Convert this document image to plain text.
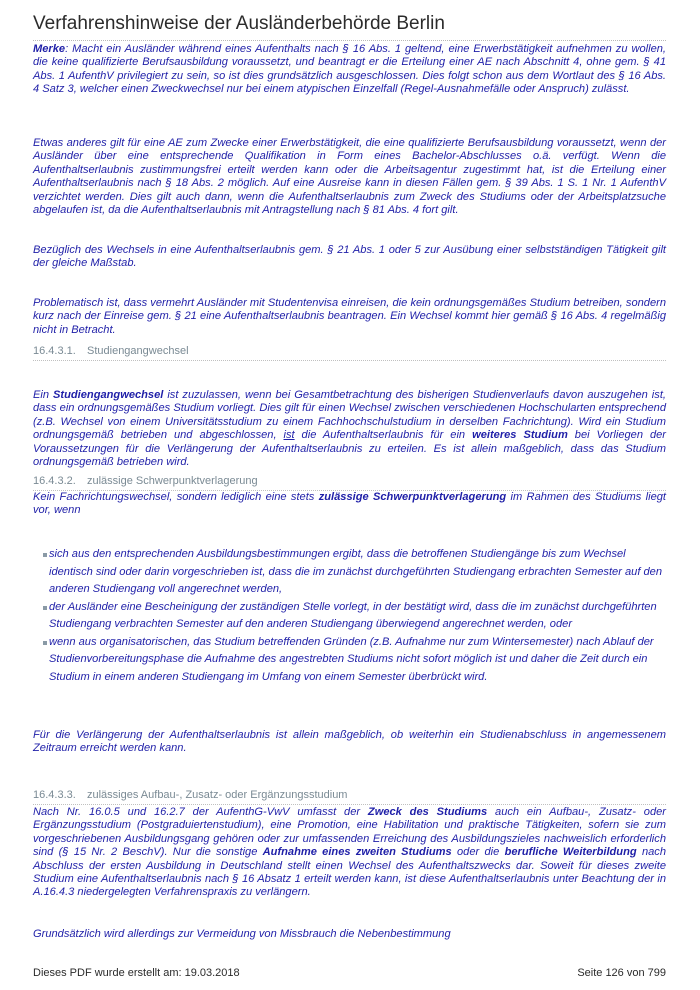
Verfahrenshinweise der Ausländerbehörde Berlin

Merke: Macht ein Ausländer während eines Aufenthalts nach § 16 Abs. 1 geltend, eine Erwerbstätigkeit aufnehmen zu wollen, die keine qualifizierte Berufsausbildung voraussetzt, und beantragt er die Erteilung einer AE nach Abschnitt 4, ohne gem. § 41 Abs. 1 AufenthV privilegiert zu sein, so ist dies grundsätzlich ausgeschlossen. Dies folgt schon aus dem Wortlaut des § 16 Abs. 4 Satz 3, welcher einen Zweckwechsel nur bei einem atypischen Einzelfall (Regel-Ausnahmefälle oder Anspruch) zulässt.

Etwas anderes gilt für eine AE zum Zwecke einer Erwerbstätigkeit, die eine qualifizierte Berufsausbildung voraussetzt, wenn der Ausländer über eine entsprechende Qualifikation in Form eines Bachelor-Abschlusses o.ä. verfügt. Wenn die Aufenthaltserlaubnis zustimmungsfrei erteilt werden kann oder die Arbeitsagentur zugestimmt hat, ist die Erteilung einer Aufenthaltserlaubnis nach § 18 Abs. 2 möglich. Auf eine Ausreise kann in diesen Fällen gem. § 39 Abs. 1 S. 1 Nr. 1 AufenthV verzichtet werden. Dies gilt auch dann, wenn die Aufenthaltserlaubnis zum Zweck des Studiums oder der Arbeitsplatzsuche abgelaufen ist, da die Aufenthaltserlaubnis mit Antragstellung nach § 81 Abs. 4 fort gilt.

Bezüglich des Wechsels in eine Aufenthaltserlaubnis gem. § 21 Abs. 1 oder 5 zur Ausübung einer selbstständigen Tätigkeit gilt der gleiche Maßstab.

Problematisch ist, dass vermehrt Ausländer mit Studentenvisa einreisen, die kein ordnungsgemäßes Studium betreiben, sondern kurz nach der Einreise gem. § 21 eine Aufenthaltserlaubnis beantragen. Ein Wechsel kommt hier gemäß § 16 Abs. 4 regelmäßig nicht in Betracht.

16.4.3.1. Studiengangwechsel

Ein Studiengangwechsel ist zuzulassen, wenn bei Gesamtbetrachtung des bisherigen Studienverlaufs davon auszugehen ist, dass ein ordnungsgemäßes Studium vorliegt. Dies gilt für einen Wechsel zwischen verschiedenen Hochschularten entsprechend (z.B. Wechsel von einem Universitätsstudium zu einem Fachhochschulstudium in derselben Fachrichtung). Wird ein Studium ordnungsgemäß betrieben und abgeschlossen, ist die Aufenthaltserlaubnis für ein weiteres Studium bei Vorliegen der Voraussetzungen für die Verlängerung der Aufenthaltserlaubnis zu erteilen. Es ist allein maßgeblich, dass das Studium ordnungsgemäß betrieben wird.

16.4.3.2. zulässige Schwerpunktverlagerung

Kein Fachrichtungswechsel, sondern lediglich eine stets zulässige Schwerpunktverlagerung im Rahmen des Studiums liegt vor, wenn

sich aus den entsprechenden Ausbildungsbestimmungen ergibt, dass die betroffenen Studiengänge bis zum Wechsel identisch sind oder darin vorgeschrieben ist, dass die im zunächst durchgeführten Studiengang erbrachten Semester auf den anderen Studiengang voll angerechnet werden,
der Ausländer eine Bescheinigung der zuständigen Stelle vorlegt, in der bestätigt wird, dass die im zunächst durchgeführten Studiengang verbrachten Semester auf den anderen Studiengang überwiegend angerechnet werden, oder
wenn aus organisatorischen, das Studium betreffenden Gründen (z.B. Aufnahme nur zum Wintersemester) nach Ablauf der Studienvorbereitungsphase die Aufnahme des angestrebten Studiums nicht sofort möglich ist und daher die Zeit durch ein Studium in einem anderen Studiengang im Umfang von einem Semester überbrückt wird.

Für die Verlängerung der Aufenthaltserlaubnis ist allein maßgeblich, ob weiterhin ein Studienabschluss in angemessenem Zeitraum erreicht werden kann.

16.4.3.3. zulässiges Aufbau-, Zusatz- oder Ergänzungsstudium

Nach Nr. 16.0.5 und 16.2.7 der AufenthG-VwV umfasst der Zweck des Studiums auch ein Aufbau-, Zusatz- oder Ergänzungsstudium (Postgraduiertenstudium), eine Promotion, eine Habilitation und praktische Tätigkeiten, sofern sie zum vorgeschriebenen Ausbildungsgang gehören oder zur umfassenden Erreichung des Ausbildungszieles nachweislich erforderlich sind (§ 15 Nr. 2 BeschV). Nur die sonstige Aufnahme eines zweiten Studiums oder die berufliche Weiterbildung nach Abschluss der ersten Ausbildung in Deutschland stellt einen Wechsel des Aufenthaltszwecks dar. Soweit für dieses zweite Studium eine Aufenthaltserlaubnis nach § 16 Absatz 1 erteilt werden kann, ist diese Aufenthaltserlaubnis unter Beachtung der in A.16.4.3 niedergelegten Verfahrenspraxis zu verlängern.

Grundsätzlich wird allerdings zur Vermeidung von Missbrauch die Nebenbestimmung

Dieses PDF wurde erstellt am: 19.03.2018	Seite 126 von 799
